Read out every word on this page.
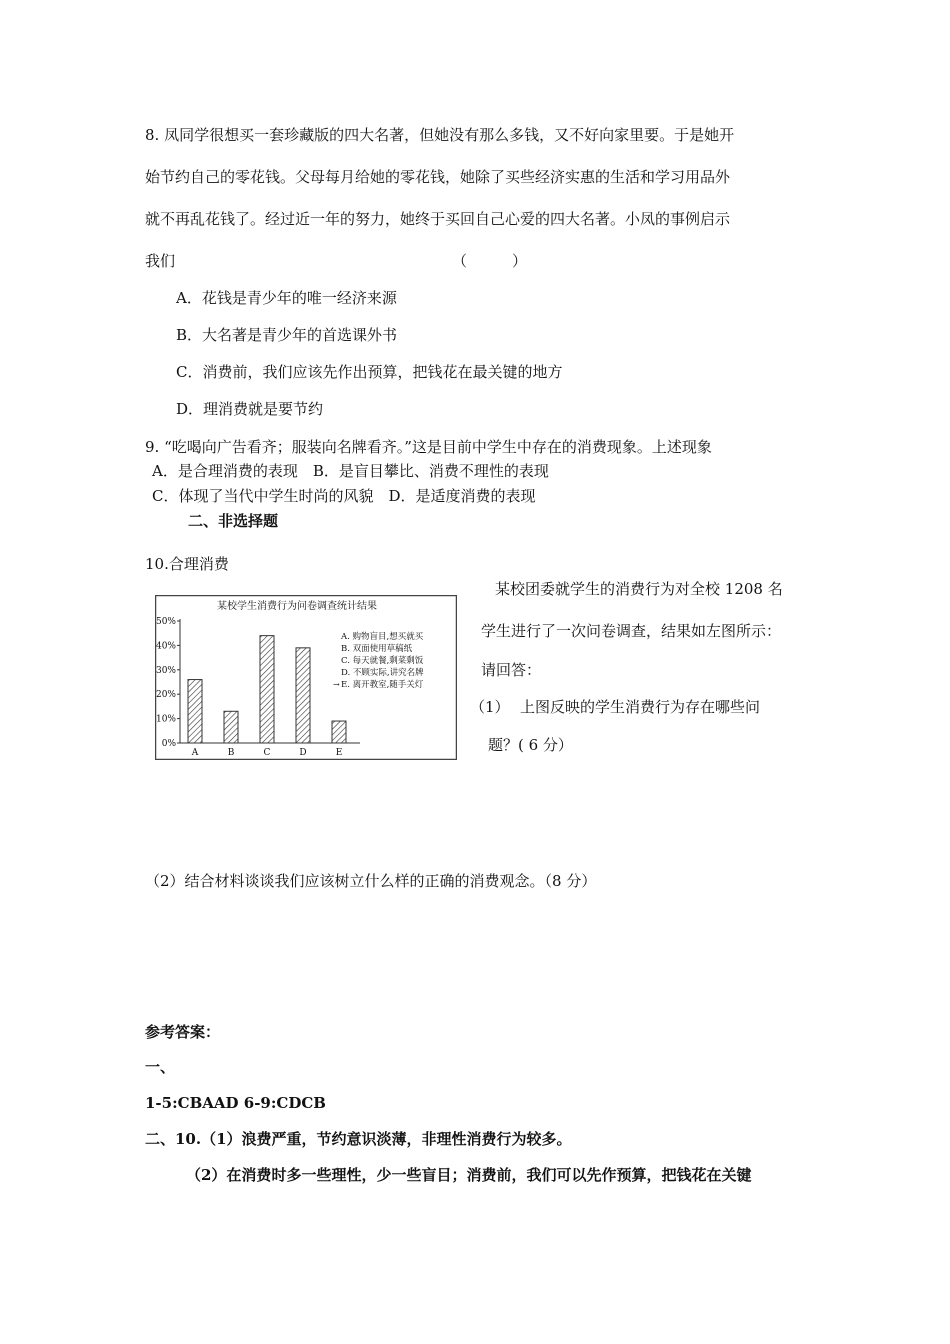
8. 凤同学很想买一套珍藏版的四大名著，但她没有那么多钱，又不好向家里要。于是她开
始节约自己的零花钱。父母每月给她的零花钱，她除了买些经济实惠的生活和学习用品外
就不再乱花钱了。经过近一年的努力，她终于买回自己心爱的四大名著。小凤的事例启示
我们	（　　　）
A．花钱是青少年的唯一经济来源
B．大名著是青少年的首选课外书
C．消费前，我们应该先作出预算，把钱花在最关键的地方
D．理消费就是要节约
9. “吃喝向广告看齐；服装向名牌看齐。”这是目前中学生中存在的消费现象。上述现象
A．是合理消费的表现　B．是盲目攀比、消费不理性的表现
C．体现了当代中学生时尚的风貌　D．是适度消费的表现
二、非选择题
10.合理消费
某校学生消费行为问卷调查统计结果
0%
10%
20%
30%
40%
50%
A	B	C	D	E
A. 购物盲目,想买就买
B. 双面使用草稿纸
C. 每天就餐,剩菜剩饭
D. 不顾实际,讲究名牌
E. 离开教室,随手关灯
→
某校团委就学生的消费行为对全校 1208 名
学生进行了一次问卷调查，结果如左图所示：
请回答：
（1） 上图反映的学生消费行为存在哪些问
题？( 6 分）
（2）结合材料谈谈我们应该树立什么样的正确的消费观念。（8 分）
参考答案：
一、
1-5:CBAAD 6-9:CDCB
二、10.（1）浪费严重，节约意识淡薄，非理性消费行为较多。
（2）在消费时多一些理性，少一些盲目；消费前，我们可以先作预算，把钱花在关键
